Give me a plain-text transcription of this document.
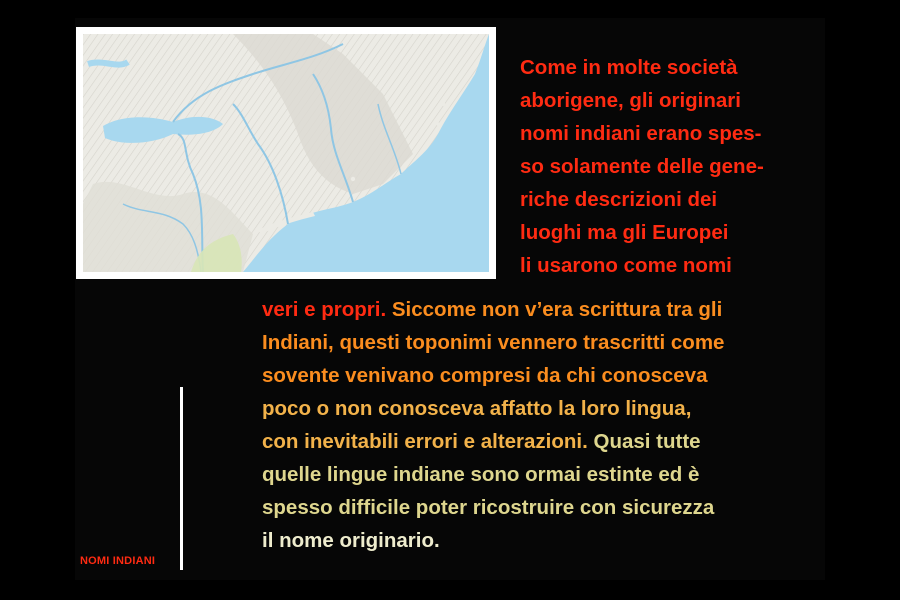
Come in molte società
aborigene, gli originari
nomi indiani erano spes-
so solamente delle gene-
riche descrizioni dei
luoghi ma gli Europei
li usarono come nomi

veri e propri. Siccome non v’era scrittura tra gli
Indiani, questi toponimi vennero trascritti come
sovente venivano compresi da chi conosceva
poco o non conosceva affatto la loro lingua,
con inevitabili errori e alterazioni. Quasi tutte
quelle lingue indiane sono ormai estinte ed è
spesso difficile poter ricostruire con sicurezza
il nome originario.

NOMI INDIANI
